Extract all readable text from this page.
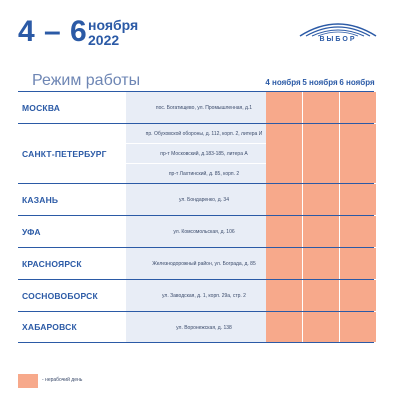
4 – 6 ноября
2022	ВЫБОР
Режим работы	4 ноября 5 ноября 6 ноября
МОСКВА	пос. Богатищево, ул. Промышленная, д.1
САНКТ-ПЕТЕРБУРГ
пр. Обуховской обороны, д. 112, корп. 2, литера И
пр-т Московский, д.183-185, литера А
пр-т Лахтинский, д. 85, корп. 2
КАЗАНЬ	ул. Бондаренко, д. 34
УФА	ул. Комсомольская, д. 106
КРАСНОЯРСК	Железнодорожный район, ул. Бограда, д. 85
СОСНОВОБОРСК	ул. Заводская, д. 1, корп. 29а, стр. 2
ХАБАРОВСК	ул. Воронежская, д. 138
- нерабочий день
